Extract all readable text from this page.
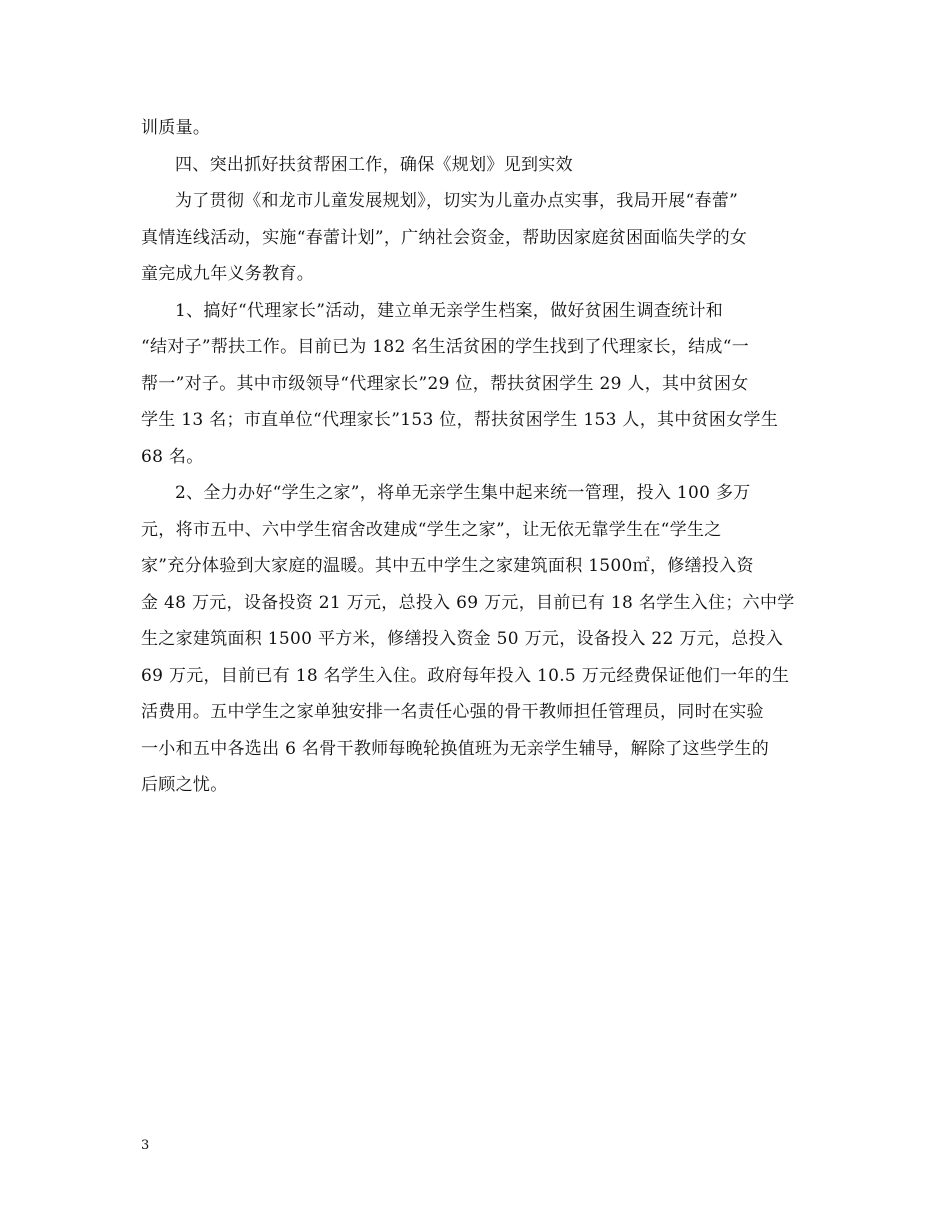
训质量。
四、突出抓好扶贫帮困工作，确保《规划》见到实效
为了贯彻《和龙市儿童发展规划》，切实为儿童办点实事，我局开展“春蕾”
真情连线活动，实施“春蕾计划”，广纳社会资金，帮助因家庭贫困面临失学的女
童完成九年义务教育。
1、搞好“代理家长”活动，建立单无亲学生档案，做好贫困生调查统计和
“结对子”帮扶工作。目前已为 182 名生活贫困的学生找到了代理家长，结成“一
帮一”对子。其中市级领导“代理家长”29 位，帮扶贫困学生 29 人，其中贫困女
学生 13 名；市直单位“代理家长”153 位，帮扶贫困学生 153 人，其中贫困女学生
68 名。
2、全力办好“学生之家”，将单无亲学生集中起来统一管理，投入 100 多万
元，将市五中、六中学生宿舍改建成“学生之家”，让无依无靠学生在“学生之
家”充分体验到大家庭的温暖。其中五中学生之家建筑面积 1500㎡，修缮投入资
金 48 万元，设备投资 21 万元，总投入 69 万元，目前已有 18 名学生入住；六中学
生之家建筑面积 1500 平方米，修缮投入资金 50 万元，设备投入 22 万元，总投入
69 万元，目前已有 18 名学生入住。政府每年投入 10.5 万元经费保证他们一年的生
活费用。五中学生之家单独安排一名责任心强的骨干教师担任管理员，同时在实验
一小和五中各选出 6 名骨干教师每晚轮换值班为无亲学生辅导，解除了这些学生的
后顾之忧。
3
